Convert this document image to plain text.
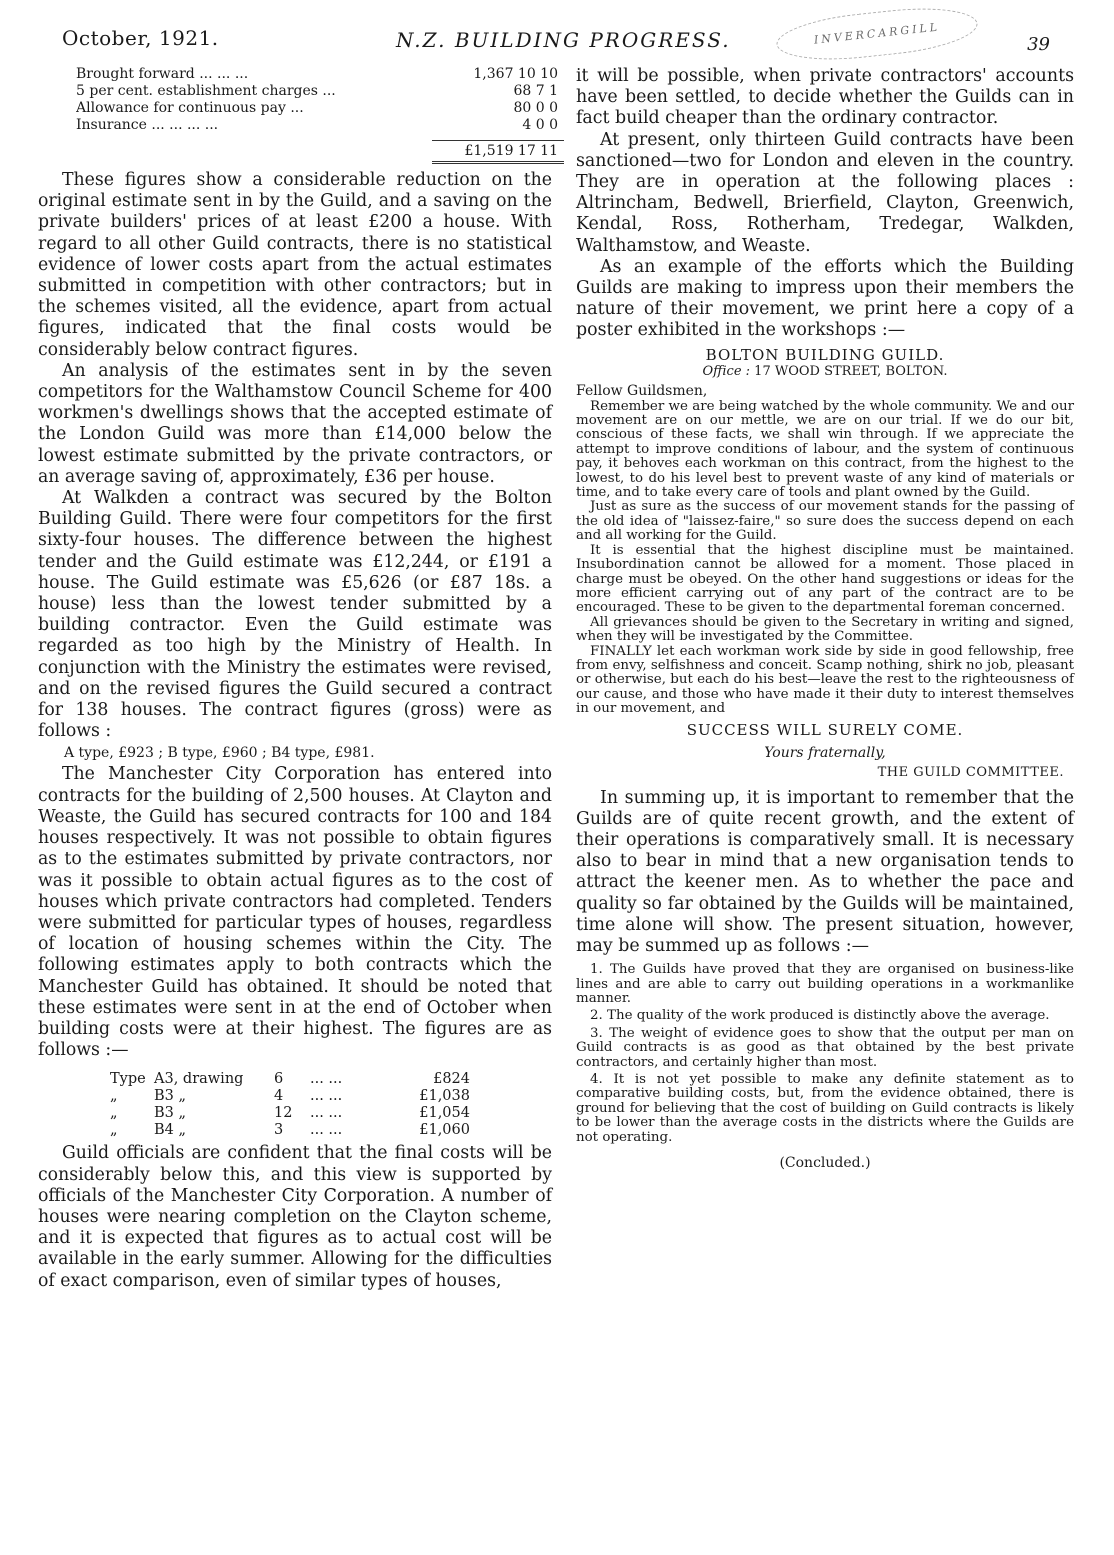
October, 1921.	N.Z. BUILDING PROGRESS.	INVERCARGILL	39
Brought forward ... ... ...	1,367 10 10
5 per cent. establishment charges ...	68 7 1
Allowance for continuous pay ...	80 0 0
Insurance ... ... ... ...	4 0 0
£1,519 17 11

These figures show a considerable reduction on the original estimate sent in by the Guild, and a saving on the private builders' prices of at least £200 a house. With regard to all other Guild contracts, there is no statistical evidence of lower costs apart from the actual estimates submitted in competition with other contractors; but in the schemes visited, all the evidence, apart from actual figures, indicated that the final costs would be considerably below contract figures.

An analysis of the estimates sent in by the seven competitors for the Walthamstow Council Scheme for 400 workmen's dwellings shows that the accepted estimate of the London Guild was more than £14,000 below the lowest estimate submitted by the private contractors, or an average saving of, approximately, £36 per house.

At Walkden a contract was secured by the Bolton Building Guild. There were four competitors for the first sixty-four houses. The difference between the highest tender and the Guild estimate was £12,244, or £191 a house. The Guild estimate was £5,626 (or £87 18s. a house) less than the lowest tender submitted by a building contractor. Even the Guild estimate was regarded as too high by the Ministry of Health. In conjunction with the Ministry the estimates were revised, and on the revised figures the Guild secured a contract for 138 houses. The contract figures (gross) were as follows :

A type, £923 ; B type, £960 ; B4 type, £981.

The Manchester City Corporation has entered into contracts for the building of 2,500 houses. At Clayton and Weaste, the Guild has secured contracts for 100 and 184 houses respectively. It was not possible to obtain figures as to the estimates submitted by private contractors, nor was it possible to obtain actual figures as to the cost of houses which private contractors had completed. Tenders were submitted for particular types of houses, regardless of location of housing schemes within the City. The following estimates apply to both contracts which the Manchester Guild has obtained. It should be noted that these estimates were sent in at the end of October when building costs were at their highest. The figures are as follows :—

Type A3, drawing	6	... ...	£824
„	B3 „	4	... ...	£1,038
„	B3 „	12	... ...	£1,054
„	B4 „	3	... ...	£1,060

Guild officials are confident that the final costs will be considerably below this, and this view is supported by officials of the Manchester City Corporation. A number of houses were nearing completion on the Clayton scheme, and it is expected that figures as to actual cost will be available in the early summer. Allowing for the difficulties of exact comparison, even of similar types of houses,

it will be possible, when private contractors' accounts have been settled, to decide whether the Guilds can in fact build cheaper than the ordinary contractor.

At present, only thirteen Guild contracts have been sanctioned—two for London and eleven in the country. They are in operation at the following places : Altrincham, Bedwell, Brierfield, Clayton, Greenwich, Kendal, Ross, Rotherham, Tredegar, Walkden, Walthamstow, and Weaste.

As an example of the efforts which the Building Guilds are making to impress upon their members the nature of their movement, we print here a copy of a poster exhibited in the workshops :—

BOLTON BUILDING GUILD.
Office : 17 WOOD STREET, BOLTON.

Fellow Guildsmen,

Remember we are being watched by the whole community. We and our movement are on our mettle, we are on our trial. If we do our bit, conscious of these facts, we shall win through. If we appreciate the attempt to improve conditions of labour, and the system of continuous pay, it behoves each workman on this contract, from the highest to the lowest, to do his level best to prevent waste of any kind of materials or time, and to take every care of tools and plant owned by the Guild.

Just as sure as the success of our movement stands for the passing of the old idea of "laissez-faire," so sure does the success depend on each and all working for the Guild.

It is essential that the highest discipline must be maintained. Insubordination cannot be allowed for a moment. Those placed in charge must be obeyed. On the other hand suggestions or ideas for the more efficient carrying out of any part of the contract are to be encouraged. These to be given to the departmental foreman concerned.

All grievances should be given to the Secretary in writing and signed, when they will be investigated by the Committee.

FINALLY let each workman work side by side in good fellowship, free from envy, selfishness and conceit. Scamp nothing, shirk no job, pleasant or otherwise, but each do his best—leave the rest to the righteousness of our cause, and those who have made it their duty to interest themselves in our movement, and

SUCCESS WILL SURELY COME.
Yours fraternally,
THE GUILD COMMITTEE.

In summing up, it is important to remember that the Guilds are of quite recent growth, and the extent of their operations is comparatively small. It is necessary also to bear in mind that a new organisation tends to attract the keener men. As to whether the pace and quality so far obtained by the Guilds will be maintained, time alone will show. The present situation, however, may be summed up as follows :—

1. The Guilds have proved that they are organised on business-like lines and are able to carry out building operations in a workmanlike manner.

2. The quality of the work produced is distinctly above the average.

3. The weight of evidence goes to show that the output per man on Guild contracts is as good as that obtained by the best private contractors, and certainly higher than most.

4. It is not yet possible to make any definite statement as to comparative building costs, but, from the evidence obtained, there is ground for believing that the cost of building on Guild contracts is likely to be lower than the average costs in the districts where the Guilds are not operating.

(Concluded.)
